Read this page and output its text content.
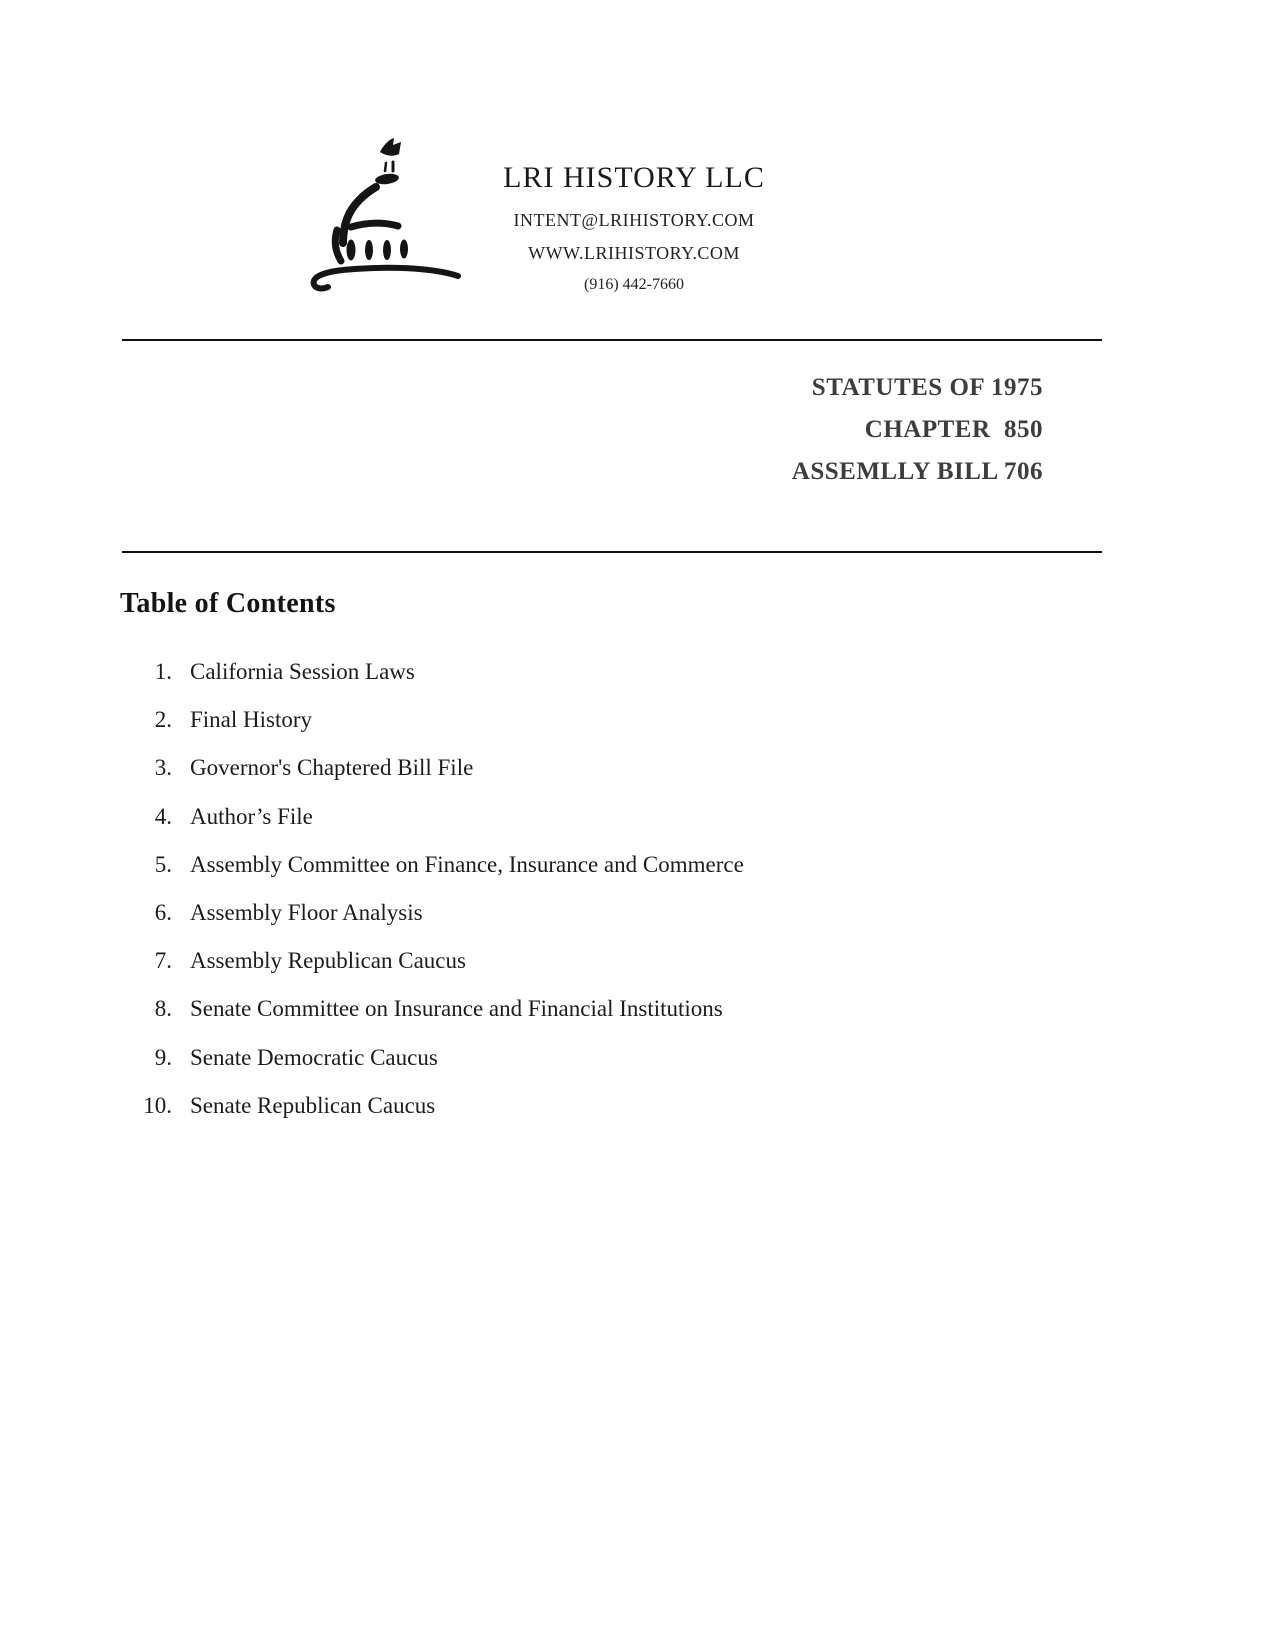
LRI HISTORY LLC
INTENT@LRIHISTORY.COM
WWW.LRIHISTORY.COM
(916) 442-7660
STATUTES OF 1975
CHAPTER  850
ASSEMLLY BILL 706
Table of Contents
1. California Session Laws
2. Final History
3. Governor's Chaptered Bill File
4. Author’s File
5. Assembly Committee on Finance, Insurance and Commerce
6. Assembly Floor Analysis
7. Assembly Republican Caucus
8. Senate Committee on Insurance and Financial Institutions
9. Senate Democratic Caucus
10. Senate Republican Caucus
